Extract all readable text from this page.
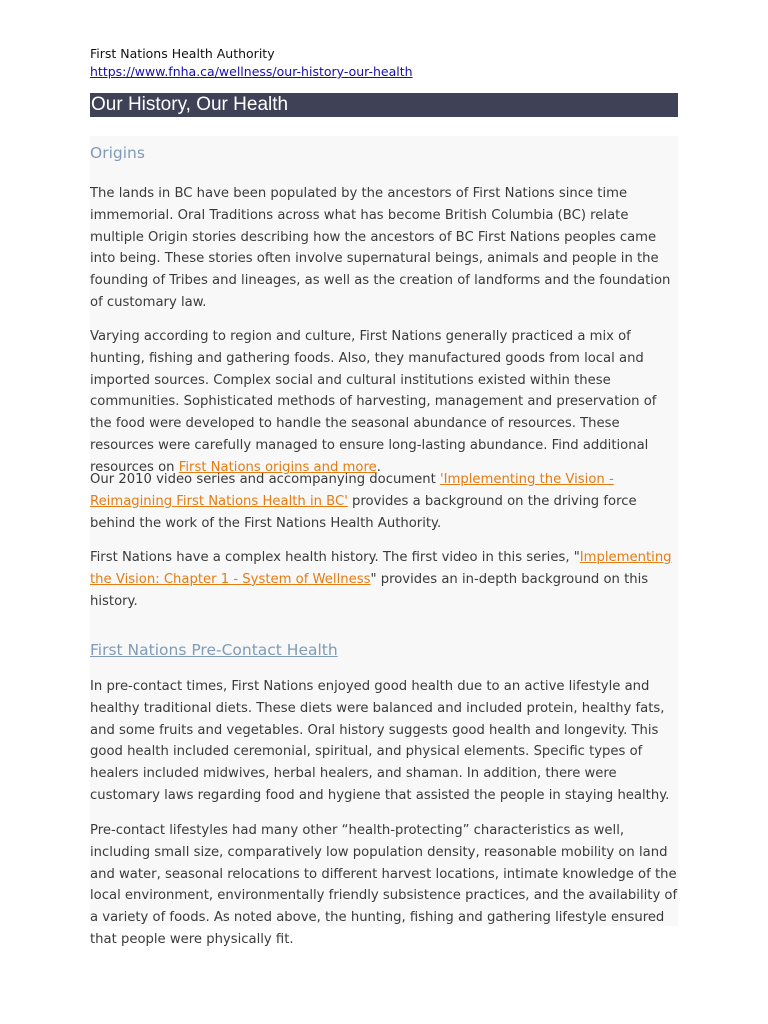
First Nations Health Authority
https://www.fnha.ca/wellness/our-history-our-health
Our History, Our Health
Origins

The lands in BC have been populated by the ancestors of First Nations since time immemorial. Oral Traditions across what has become British Columbia (BC) relate multiple Origin stories describing how the ancestors of BC First Nations peoples came into being. These stories often involve supernatural beings, animals and people in the founding of Tribes and lineages, as well as the creation of landforms and the foundation of customary law.

Varying according to region and culture, First Nations generally practiced a mix of hunting, fishing and gathering foods. Also, they manufactured goods from local and imported sources. Complex social and cultural institutions existed within these communities. Sophisticated methods of harvesting, management and preservation of the food were developed to handle the seasonal abundance of resources. These resources were carefully managed to ensure long-lasting abundance. Find additional resources on First Nations origins and more.

Our 2010 video series and accompanying document 'Implementing the Vision - Reimagining First Nations Health in BC' provides a background on the driving force behind the work of the First Nations Health Authority.

First Nations have a complex health history. The first video in this series, "Implementing the Vision: Chapter 1 - System of Wellness" provides an in-depth background on this history.

First Nations Pre-Contact Health

In pre-contact times, First Nations enjoyed good health due to an active lifestyle and healthy traditional diets. These diets were balanced and included protein, healthy fats, and some fruits and vegetables. Oral history suggests good health and longevity. This good health included ceremonial, spiritual, and physical elements. Specific types of healers included midwives, herbal healers, and shaman. In addition, there were customary laws regarding food and hygiene that assisted the people in staying healthy.

Pre-contact lifestyles had many other “health-protecting” characteristics as well, including small size, comparatively low population density, reasonable mobility on land and water, seasonal relocations to different harvest locations, intimate knowledge of the local environment, environmentally friendly subsistence practices, and the availability of a variety of foods. As noted above, the hunting, fishing and gathering lifestyle ensured that people were physically fit.
